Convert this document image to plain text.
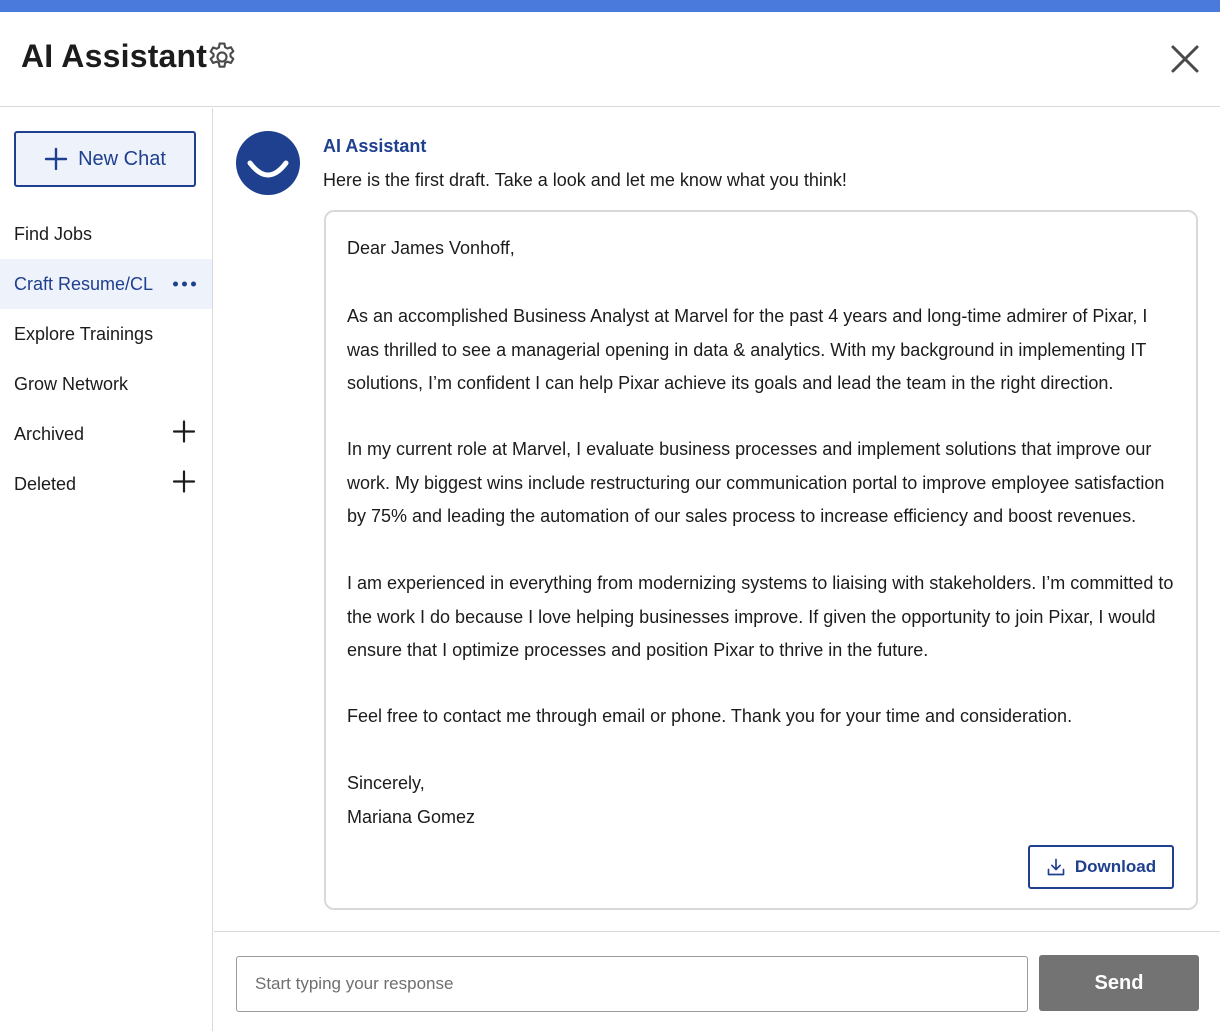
AI Assistant
New Chat
Find Jobs
Craft Resume/CL
Explore Trainings
Grow Network
Archived
Deleted
AI Assistant
Here is the first draft. Take a look and let me know what you think!
Dear James Vonhoff,
As an accomplished Business Analyst at Marvel for the past 4 years and long-time admirer of Pixar, I was thrilled to see a managerial opening in data & analytics. With my background in implementing IT solutions, I’m confident I can help Pixar achieve its goals and lead the team in the right direction.
In my current role at Marvel, I evaluate business processes and implement solutions that improve our work. My biggest wins include restructuring our communication portal to improve employee satisfaction by 75% and leading the automation of our sales process to increase efficiency and boost revenues.
I am experienced in everything from modernizing systems to liaising with stakeholders. I’m committed to the work I do because I love helping businesses improve. If given the opportunity to join Pixar, I would ensure that I optimize processes and position Pixar to thrive in the future.
Feel free to contact me through email or phone. Thank you for your time and consideration.
Sincerely,
Mariana Gomez
Download
Start typing your response
Send
